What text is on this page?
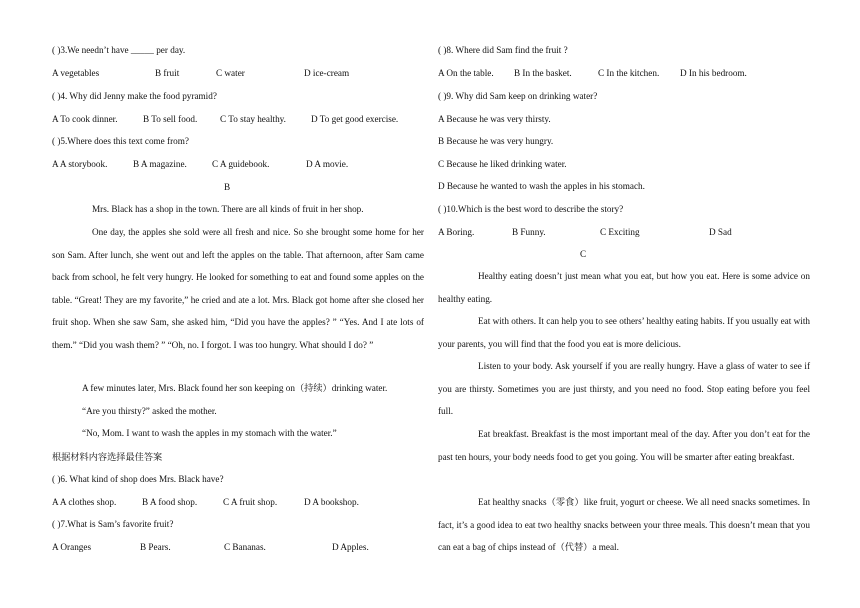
( )3.We needn’t have _____ per day.
A vegetables	B fruit	C water	D ice-cream
( )4. Why did Jenny make the food pyramid?
A To cook dinner.	B To sell food. C To stay healthy.	D To get good exercise.
( )5.Where does this text come from?
A A storybook.	B A magazine.	C A guidebook.	D A movie.
B
Mrs. Black has a shop in the town. There are all kinds of fruit in her shop.
One day, the apples she sold were all fresh and nice. So she brought some home for her son Sam. After lunch, she went out and left the apples on the table. That afternoon, after Sam came back from school, he felt very hungry. He looked for something to eat and found some apples on the table. “Great! They are my favorite,” he cried and ate a lot. Mrs. Black got home after she closed her fruit shop. When she saw Sam, she asked him, “Did you have the apples? ” “Yes. And I ate lots of them.” “Did you wash them? ” “Oh, no. I forgot. I was too hungry. What should I do? ”
A few minutes later, Mrs. Black found her son keeping on（持续）drinking water.
“Are you thirsty?” asked the mother.
“No, Mom. I want to wash the apples in my stomach with the water.”
根据材料内容选择最佳答案
( )6. What kind of shop does Mrs. Black have?
A A clothes shop.	B A food shop.	C A fruit shop.	D A bookshop.
( )7.What is Sam’s favorite fruit?
A Oranges	B Pears.	C Bananas.	D Apples.
( )8. Where did Sam find the fruit ?
A On the table. B In the basket.	C In the kitchen. D In his bedroom.
( )9. Why did Sam keep on drinking water?
A Because he was very thirsty.
B Because he was very hungry.
C Because he liked drinking water.
D Because he wanted to wash the apples in his stomach.
( )10.Which is the best word to describe the story?
A Boring.	B Funny.	C Exciting	D Sad
C
Healthy eating doesn’t just mean what you eat, but how you eat. Here is some advice on healthy eating.
Eat with others. It can help you to see others’ healthy eating habits. If you usually eat with your parents, you will find that the food you eat is more delicious.
Listen to your body. Ask yourself if you are really hungry. Have a glass of water to see if you are thirsty. Sometimes you are just thirsty, and you need no food. Stop eating before you feel full.
Eat breakfast. Breakfast is the most important meal of the day. After you don’t eat for the past ten hours, your body needs food to get you going. You will be smarter after eating breakfast.
Eat healthy snacks（零食）like fruit, yogurt or cheese. We all need snacks sometimes. In fact, it’s a good idea to eat two healthy snacks between your three meals. This doesn’t mean that you can eat a bag of chips instead of（代替）a meal.
